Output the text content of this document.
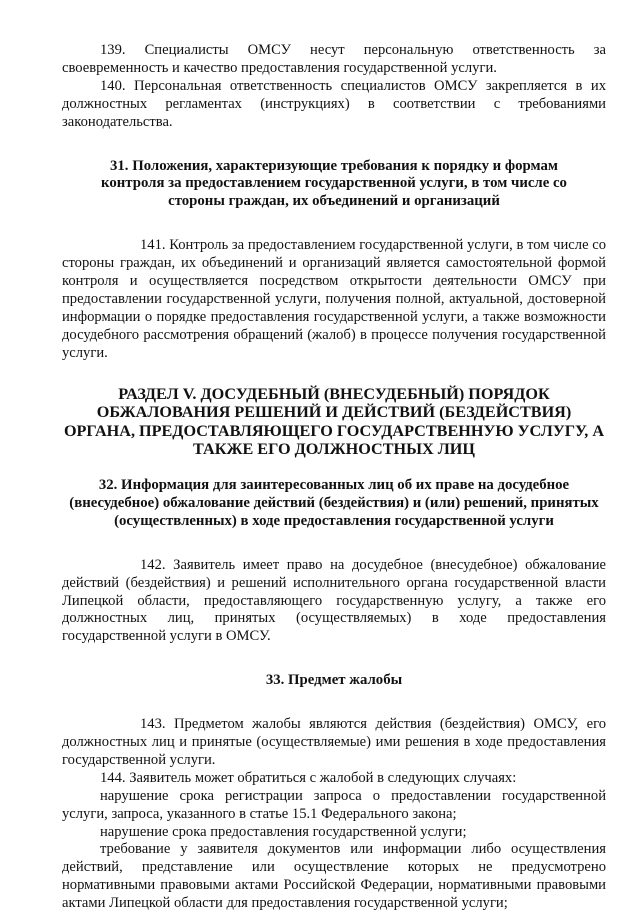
139. Специалисты ОМСУ несут персональную ответственность за своевременность и качество предоставления государственной услуги.

140. Персональная ответственность специалистов ОМСУ закрепляется в их должностных регламентах (инструкциях) в соответствии с требованиями законодательства.

31. Положения, характеризующие требования к порядку и формам контроля за предоставлением государственной услуги, в том числе со стороны граждан, их объединений и организаций

141. Контроль за предоставлением государственной услуги, в том числе со стороны граждан, их объединений и организаций является самостоятельной формой контроля и осуществляется посредством открытости деятельности ОМСУ при предоставлении государственной услуги, получения полной, актуальной, достоверной информации о порядке предоставления государственной услуги, а также возможности досудебного рассмотрения обращений (жалоб) в процессе получения государственной услуги.

РАЗДЕЛ V. ДОСУДЕБНЫЙ (ВНЕСУДЕБНЫЙ) ПОРЯДОК ОБЖАЛОВАНИЯ РЕШЕНИЙ И ДЕЙСТВИЙ (БЕЗДЕЙСТВИЯ) ОРГАНА, ПРЕДОСТАВЛЯЮЩЕГО ГОСУДАРСТВЕННУЮ УСЛУГУ, А ТАКЖЕ ЕГО ДОЛЖНОСТНЫХ ЛИЦ
32. Информация для заинтересованных лиц об их праве на досудебное (внесудебное) обжалование действий (бездействия) и (или) решений, принятых (осуществленных) в ходе предоставления государственной услуги

142. Заявитель имеет право на досудебное (внесудебное) обжалование действий (бездействия) и решений исполнительного органа государственной власти Липецкой области, предоставляющего государственную услугу, а также его должностных лиц, принятых (осуществляемых) в ходе предоставления государственной услуги в ОМСУ.

33. Предмет жалобы

143. Предметом жалобы являются действия (бездействия) ОМСУ, его должностных лиц и принятые (осуществляемые) ими решения в ходе предоставления государственной услуги.

144. Заявитель может обратиться с жалобой в следующих случаях:

нарушение срока регистрации запроса о предоставлении государственной услуги, запроса, указанного в статье 15.1 Федерального закона;

нарушение срока предоставления государственной услуги;

требование у заявителя документов или информации либо осуществления действий, представление или осуществление которых не предусмотрено нормативными правовыми актами Российской Федерации, нормативными правовыми актами Липецкой области для предоставления государственной услуги;
